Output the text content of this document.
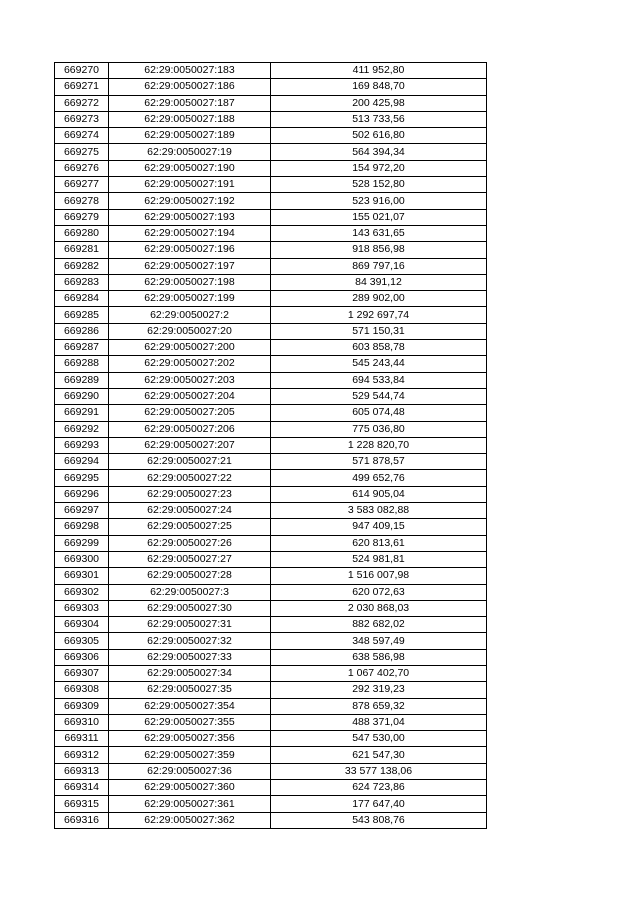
669270	62:29:0050027:183	411 952,80
669271	62:29:0050027:186	169 848,70
669272	62:29:0050027:187	200 425,98
669273	62:29:0050027:188	513 733,56
669274	62:29:0050027:189	502 616,80
669275	62:29:0050027:19	564 394,34
669276	62:29:0050027:190	154 972,20
669277	62:29:0050027:191	528 152,80
669278	62:29:0050027:192	523 916,00
669279	62:29:0050027:193	155 021,07
669280	62:29:0050027:194	143 631,65
669281	62:29:0050027:196	918 856,98
669282	62:29:0050027:197	869 797,16
669283	62:29:0050027:198	84 391,12
669284	62:29:0050027:199	289 902,00
669285	62:29:0050027:2	1 292 697,74
669286	62:29:0050027:20	571 150,31
669287	62:29:0050027:200	603 858,78
669288	62:29:0050027:202	545 243,44
669289	62:29:0050027:203	694 533,84
669290	62:29:0050027:204	529 544,74
669291	62:29:0050027:205	605 074,48
669292	62:29:0050027:206	775 036,80
669293	62:29:0050027:207	1 228 820,70
669294	62:29:0050027:21	571 878,57
669295	62:29:0050027:22	499 652,76
669296	62:29:0050027:23	614 905,04
669297	62:29:0050027:24	3 583 082,88
669298	62:29:0050027:25	947 409,15
669299	62:29:0050027:26	620 813,61
669300	62:29:0050027:27	524 981,81
669301	62:29:0050027:28	1 516 007,98
669302	62:29:0050027:3	620 072,63
669303	62:29:0050027:30	2 030 868,03
669304	62:29:0050027:31	882 682,02
669305	62:29:0050027:32	348 597,49
669306	62:29:0050027:33	638 586,98
669307	62:29:0050027:34	1 067 402,70
669308	62:29:0050027:35	292 319,23
669309	62:29:0050027:354	878 659,32
669310	62:29:0050027:355	488 371,04
669311	62:29:0050027:356	547 530,00
669312	62:29:0050027:359	621 547,30
669313	62:29:0050027:36	33 577 138,06
669314	62:29:0050027:360	624 723,86
669315	62:29:0050027:361	177 647,40
669316	62:29:0050027:362	543 808,76
